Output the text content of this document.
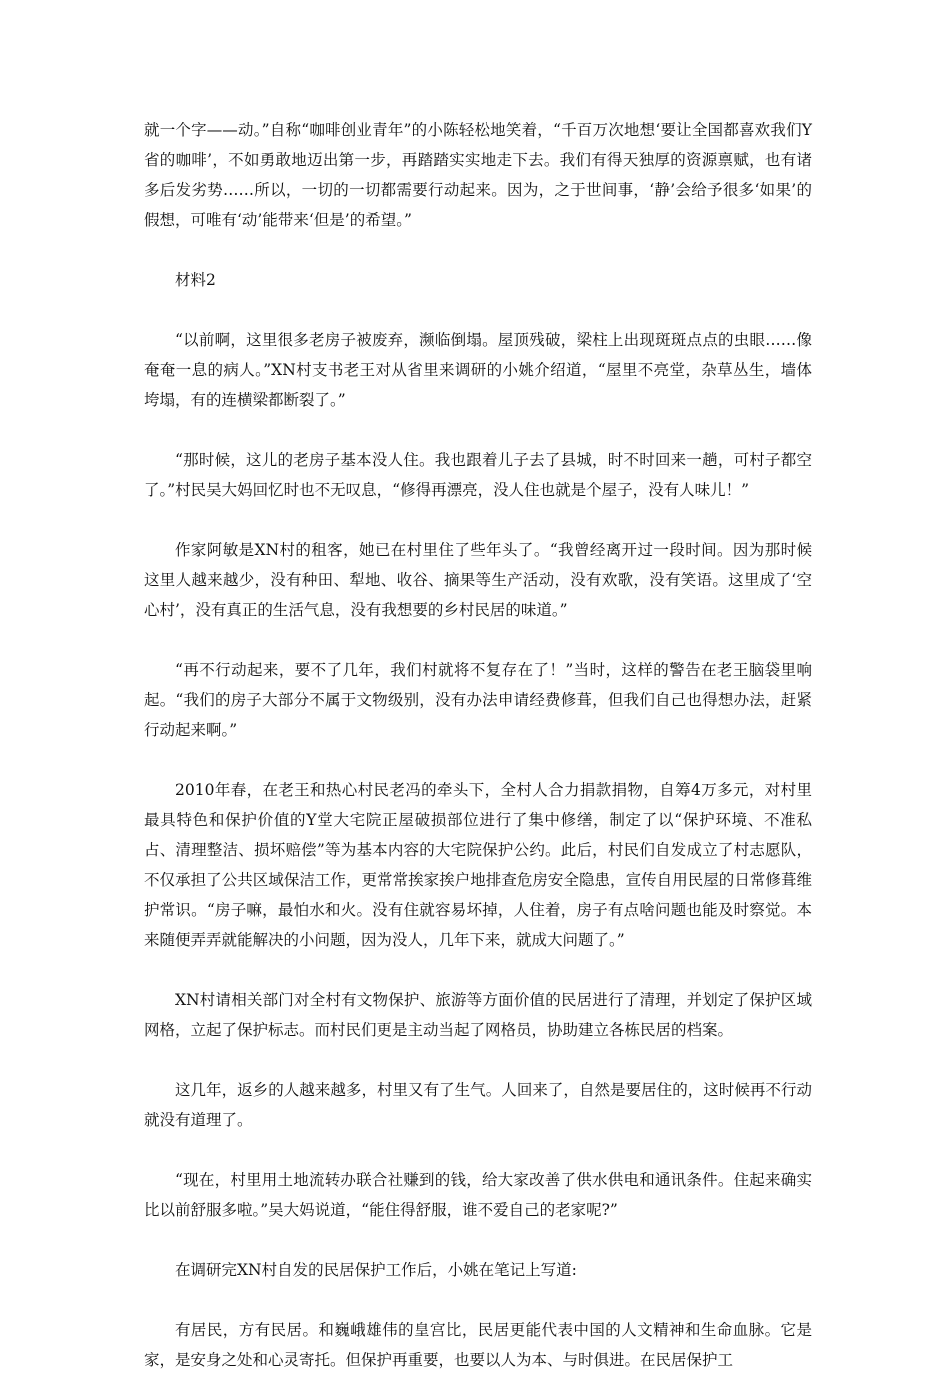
就一个字——动。”自称“咖啡创业青年”的小陈轻松地笑着，“千百万次地想‘要让全国都喜欢我们Y省的咖啡’，不如勇敢地迈出第一步，再踏踏实实地走下去。我们有得天独厚的资源禀赋，也有诸多后发劣势……所以，一切的一切都需要行动起来。因为，之于世间事，‘静’会给予很多‘如果’的假想，可唯有‘动’能带来‘但是’的希望。”

材料2

“以前啊，这里很多老房子被废弃，濒临倒塌。屋顶残破，梁柱上出现斑斑点点的虫眼……像奄奄一息的病人。”XN村支书老王对从省里来调研的小姚介绍道，“屋里不亮堂，杂草丛生，墙体垮塌，有的连横梁都断裂了。”

“那时候，这儿的老房子基本没人住。我也跟着儿子去了县城，时不时回来一趟，可村子都空了。”村民吴大妈回忆时也不无叹息，“修得再漂亮，没人住也就是个屋子，没有人味儿！”

作家阿敏是XN村的租客，她已在村里住了些年头了。“我曾经离开过一段时间。因为那时候这里人越来越少，没有种田、犁地、收谷、摘果等生产活动，没有欢歌，没有笑语。这里成了‘空心村’，没有真正的生活气息，没有我想要的乡村民居的味道。”

“再不行动起来，要不了几年，我们村就将不复存在了！”当时，这样的警告在老王脑袋里响起。“我们的房子大部分不属于文物级别，没有办法申请经费修葺，但我们自己也得想办法，赶紧行动起来啊。”

2010年春，在老王和热心村民老冯的牵头下，全村人合力捐款捐物，自筹4万多元，对村里最具特色和保护价值的Y堂大宅院正屋破损部位进行了集中修缮，制定了以“保护环境、不准私占、清理整洁、损坏赔偿”等为基本内容的大宅院保护公约。此后，村民们自发成立了村志愿队，不仅承担了公共区域保洁工作，更常常挨家挨户地排查危房安全隐患，宣传自用民屋的日常修葺维护常识。“房子嘛，最怕水和火。没有住就容易坏掉，人住着，房子有点啥问题也能及时察觉。本来随便弄弄就能解决的小问题，因为没人，几年下来，就成大问题了。”

XN村请相关部门对全村有文物保护、旅游等方面价值的民居进行了清理，并划定了保护区域网格，立起了保护标志。而村民们更是主动当起了网格员，协助建立各栋民居的档案。

这几年，返乡的人越来越多，村里又有了生气。人回来了，自然是要居住的，这时候再不行动就没有道理了。

“现在，村里用土地流转办联合社赚到的钱，给大家改善了供水供电和通讯条件。住起来确实比以前舒服多啦。”吴大妈说道，“能住得舒服，谁不爱自己的老家呢?”

在调研完XN村自发的民居保护工作后，小姚在笔记上写道:

有居民，方有民居。和巍峨雄伟的皇宫比，民居更能代表中国的人文精神和生命血脉。它是家，是安身之处和心灵寄托。但保护再重要，也要以人为本、与时俱进。在民居保护工
